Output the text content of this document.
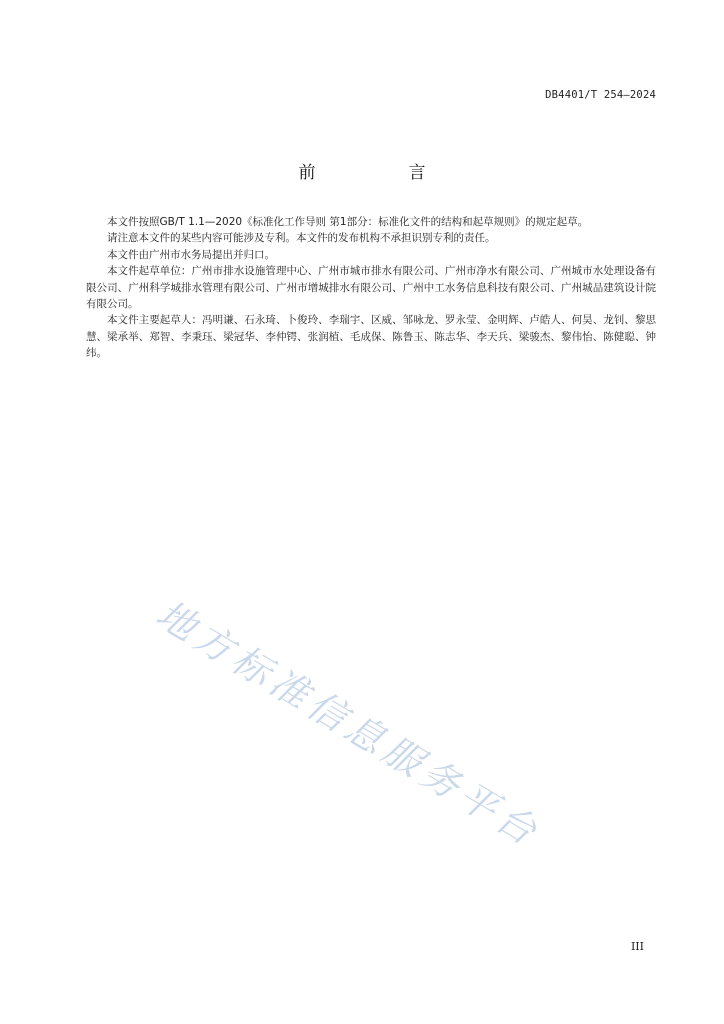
DB4401/T 254—2024
前　言

本文件按照GB/T 1.1—2020《标准化工作导则 第1部分：标准化文件的结构和起草规则》的规定起草。

请注意本文件的某些内容可能涉及专利。本文件的发布机构不承担识别专利的责任。

本文件由广州市水务局提出并归口。

本文件起草单位：广州市排水设施管理中心、广州市城市排水有限公司、广州市净水有限公司、广州城市水处理设备有限公司、广州科学城排水管理有限公司、广州市增城排水有限公司、广州中工水务信息科技有限公司、广州城品建筑设计院有限公司。

本文件主要起草人：冯明谦、石永琦、卜俊玲、李瑞宇、区威、邹咏龙、罗永莹、金明辉、卢皓人、何昊、龙钊、黎思慧、梁承举、郑智、李秉珏、梁冠华、李仲锷、张润植、毛成保、陈鲁玉、陈志华、李天兵、梁骏杰、黎伟怡、陈健聪、钟纬。

地方标准信息服务平台
III
